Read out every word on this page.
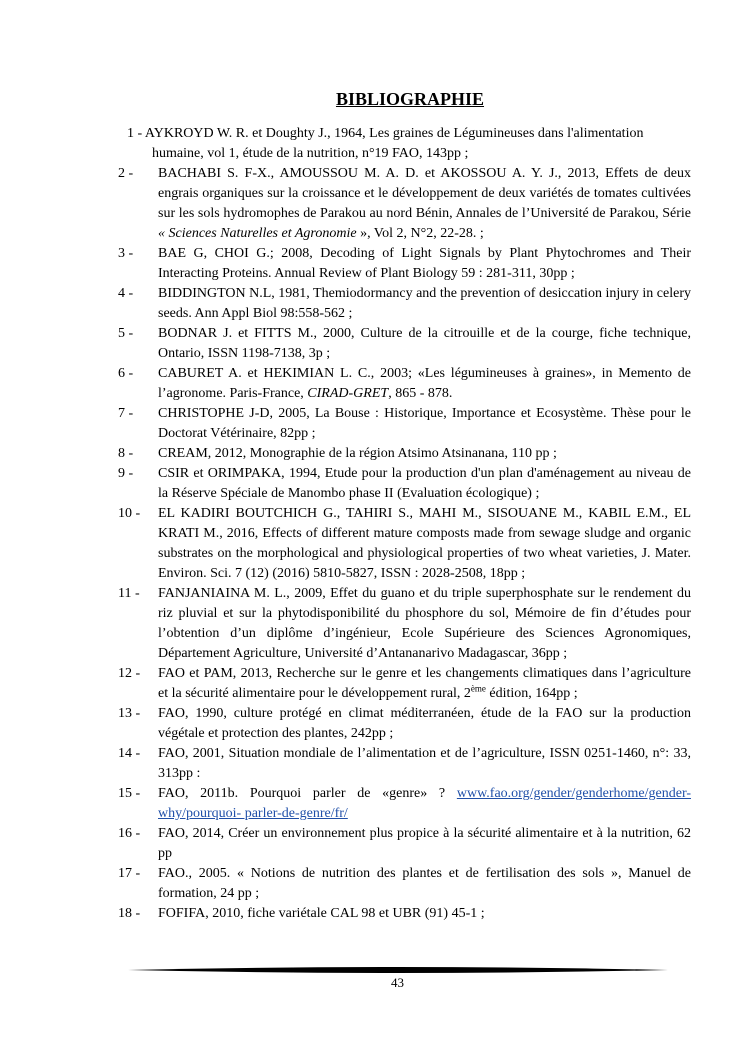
BIBLIOGRAPHIE
1 - AYKROYD W. R. et Doughty J., 1964, Les graines de Légumineuses dans l'alimentation
humaine, vol 1, étude de la nutrition, n°19 FAO, 143pp ;
2 -	BACHABI S. F-X., AMOUSSOU M. A. D. et AKOSSOU A. Y. J., 2013, Effets de deux engrais organiques sur la croissance et le développement de deux variétés de tomates cultivées sur les sols hydromophes de Parakou au nord Bénin, Annales de l’Université de Parakou, Série « Sciences Naturelles et Agronomie », Vol 2, N°2, 22-28. ;
3 -	BAE G, CHOI G.; 2008, Decoding of Light Signals by Plant Phytochromes and Their Interacting Proteins. Annual Review of Plant Biology 59 : 281-311, 30pp ;
4 -	BIDDINGTON N.L, 1981, Themiodormancy and the prevention of desiccation injury in celery seeds. Ann Appl Biol 98:558-562 ;
5 -	BODNAR J. et FITTS M., 2000, Culture de la citrouille et de la courge, fiche technique, Ontario, ISSN 1198-7138, 3p ;
6 -	CABURET A. et HEKIMIAN L. C., 2003; «Les légumineuses à graines», in Memento de l’agronome. Paris-France, CIRAD-GRET, 865 - 878.
7 -	CHRISTOPHE J-D, 2005, La Bouse : Historique, Importance et Ecosystème. Thèse pour le Doctorat Vétérinaire, 82pp ;
8 -	CREAM, 2012, Monographie de la région Atsimo Atsinanana, 110 pp ;
9 -	CSIR et ORIMPAKA, 1994, Etude pour la production d'un plan d'aménagement au niveau de la Réserve Spéciale de Manombo phase II (Evaluation écologique) ;
10 -	EL KADIRI BOUTCHICH G., TAHIRI S., MAHI M., SISOUANE M., KABIL E.M., EL KRATI M., 2016, Effects of different mature composts made from sewage sludge and organic substrates on the morphological and physiological properties of two wheat varieties, J. Mater. Environ. Sci. 7 (12) (2016) 5810-5827, ISSN : 2028-2508, 18pp ;
11 -	FANJANIAINA M. L., 2009, Effet du guano et du triple superphosphate sur le rendement du riz pluvial et sur la phytodisponibilité du phosphore du sol, Mémoire de fin d’études pour l’obtention d’un diplôme d’ingénieur, Ecole Supérieure des Sciences Agronomiques, Département Agriculture, Université d’Antananarivo Madagascar, 36pp ;
12 -	FAO et PAM, 2013, Recherche sur le genre et les changements climatiques dans l’agriculture et la sécurité alimentaire pour le développement rural, 2ème édition, 164pp ;
13 -	FAO, 1990, culture protégé en climat méditerranéen, étude de la FAO sur la production végétale et protection des plantes, 242pp ;
14 -	FAO, 2001, Situation mondiale de l’alimentation et de l’agriculture, ISSN 0251-1460, n°: 33, 313pp :
15 -	FAO, 2011b. Pourquoi parler de «genre» ? www.fao.org/gender/genderhome/gender-why/pourquoi- parler-de-genre/fr/
16 -	FAO, 2014, Créer un environnement plus propice à la sécurité alimentaire et à la nutrition, 62 pp
17 -	FAO., 2005. « Notions de nutrition des plantes et de fertilisation des sols », Manuel de formation, 24 pp ;
18 -	FOFIFA, 2010, fiche variétale CAL 98 et UBR (91) 45-1 ;
43
